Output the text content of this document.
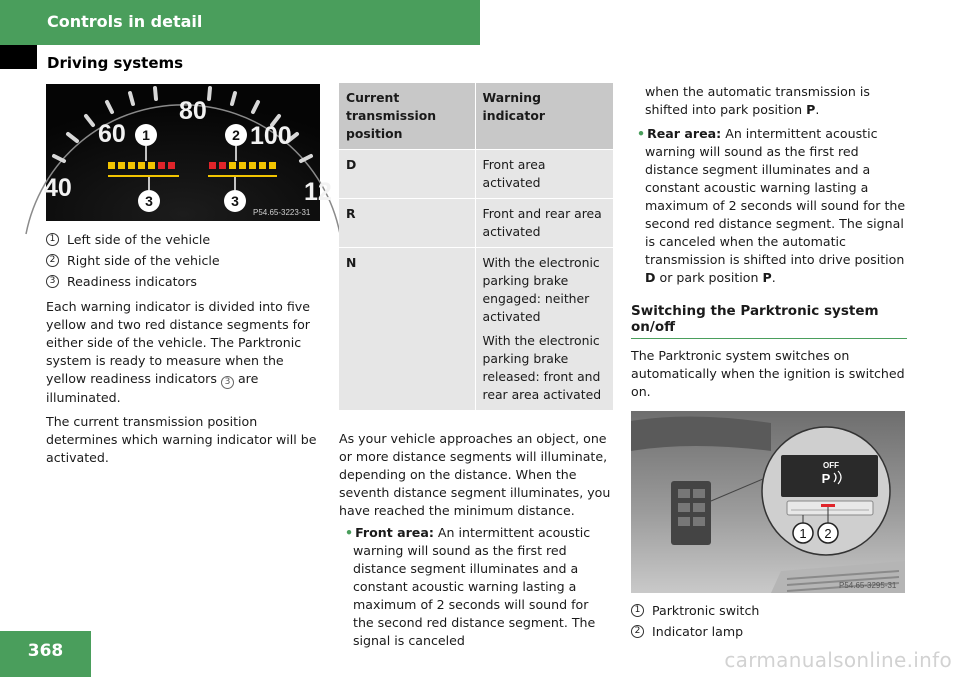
Controls in detail
Driving systems
40
60
80
100
12
1	2
3	3
P54.65-3223-31
1 Left side of the vehicle
2 Right side of the vehicle
3 Readiness indicators

Each warning indicator is divided into five yellow and two red distance segments for either side of the vehicle. The Parktronic system is ready to measure when the yellow readiness indicators 3 are illuminated.

The current transmission position determines which warning indicator will be activated.

Current transmission position	Warning indicator
D	Front area activated
R	Front and rear area activated
N	With the electronic parking brake engaged: neither activated
With the electronic parking brake released: front and rear area activated

As your vehicle approaches an object, one or more distance segments will illuminate, depending on the distance. When the seventh distance segment illuminates, you have reached the minimum distance.

• Front area: An intermittent acoustic warning will sound as the first red distance segment illuminates and a constant acoustic warning lasting a maximum of 2 seconds will sound for the second red distance segment. The signal is canceled

when the automatic transmission is shifted into park position P.

• Rear area: An intermittent acoustic warning will sound as the first red distance segment illuminates and a constant acoustic warning lasting a maximum of 2 seconds will sound for the second red distance segment. The signal is canceled when the automatic transmission is shifted into drive position D or park position P.

Switching the Parktronic system on/off

The Parktronic system switches on automatically when the ignition is switched on.

OFF
P
1 2
P54.65-3295-31
1 Parktronic switch
2 Indicator lamp
368	carmanualsonline.info
